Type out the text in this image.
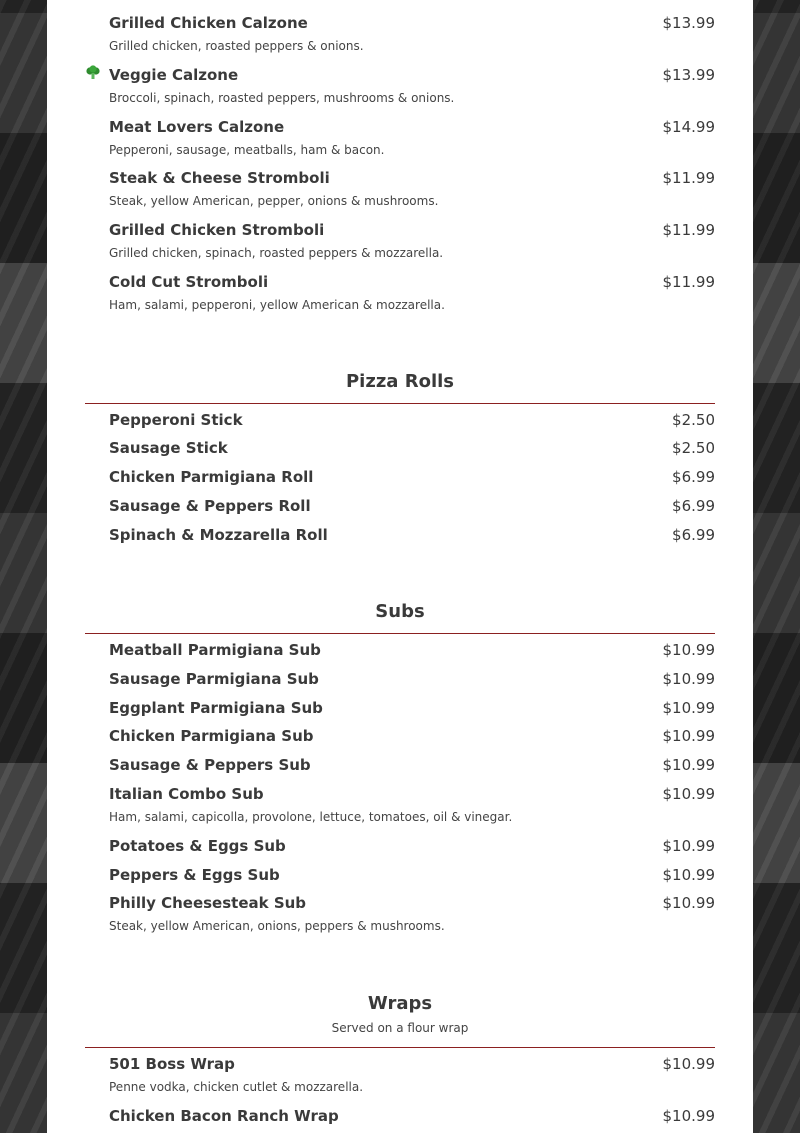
Grilled Chicken Calzone	$13.99
Grilled chicken, roasted peppers & onions.
Veggie Calzone	$13.99
Broccoli, spinach, roasted peppers, mushrooms & onions.
Meat Lovers Calzone	$14.99
Pepperoni, sausage, meatballs, ham & bacon.
Steak & Cheese Stromboli	$11.99
Steak, yellow American, pepper, onions & mushrooms.
Grilled Chicken Stromboli	$11.99
Grilled chicken, spinach, roasted peppers & mozzarella.
Cold Cut Stromboli	$11.99
Ham, salami, pepperoni, yellow American & mozzarella.
Pizza Rolls
Pepperoni Stick	$2.50
Sausage Stick	$2.50
Chicken Parmigiana Roll	$6.99
Sausage & Peppers Roll	$6.99
Spinach & Mozzarella Roll	$6.99
Subs
Meatball Parmigiana Sub	$10.99
Sausage Parmigiana Sub	$10.99
Eggplant Parmigiana Sub	$10.99
Chicken Parmigiana Sub	$10.99
Sausage & Peppers Sub	$10.99
Italian Combo Sub	$10.99
Ham, salami, capicolla, provolone, lettuce, tomatoes, oil & vinegar.
Potatoes & Eggs Sub	$10.99
Peppers & Eggs Sub	$10.99
Philly Cheesesteak Sub	$10.99
Steak, yellow American, onions, peppers & mushrooms.
Wraps
Served on a flour wrap
501 Boss Wrap	$10.99
Penne vodka, chicken cutlet & mozzarella.
Chicken Bacon Ranch Wrap	$10.99
